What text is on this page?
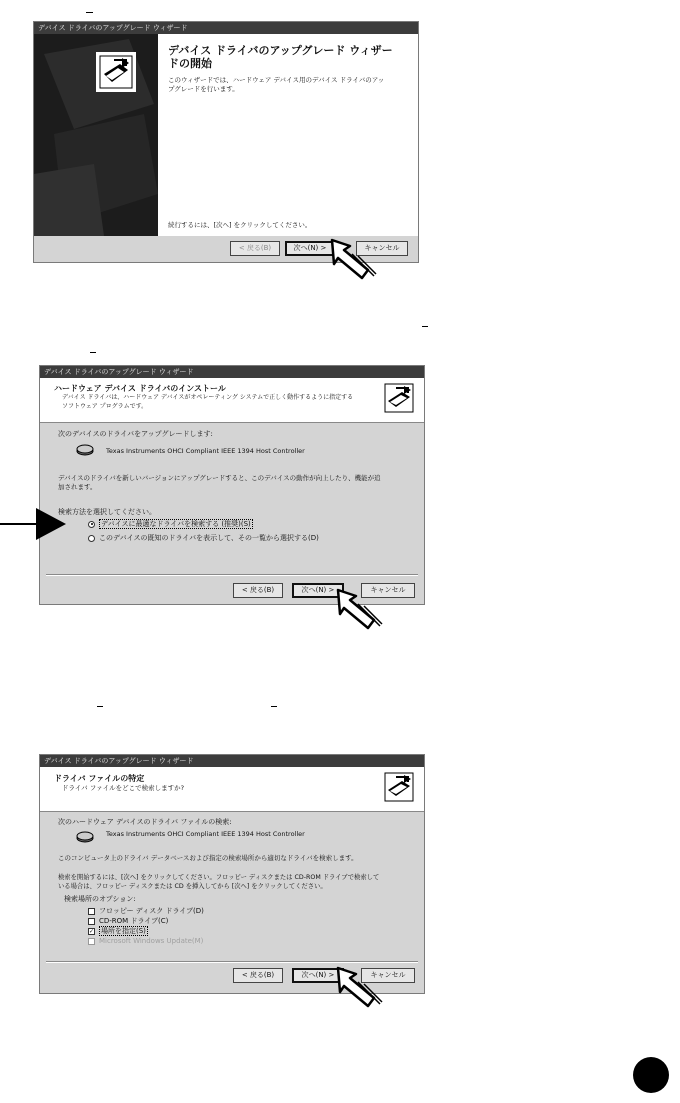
デバイス ドライバのアップグレード ウィザード
デバイス ドライバのアップグレード ウィザードの開始
このウィザードでは、ハードウェア デバイス用のデバイス ドライバのアッ
プグレードを行います。
続行するには、[次へ] をクリックしてください。
< 戻る(B)	次へ(N) >	キャンセル
デバイス ドライバのアップグレード ウィザード
ハードウェア デバイス ドライバのインストール
デバイス ドライバは、ハードウェア デバイスがオペレーティング システムで正しく動作するように指定する
ソフトウェア プログラムです。
次のデバイスのドライバをアップグレードします:
Texas Instruments OHCI Compliant IEEE 1394 Host Controller
デバイスのドライバを新しいバージョンにアップグレードすると、このデバイスの動作が向上したり、機能が追
加されます。
検索方法を選択してください。
デバイスに最適なドライバを検索する (推奨)(S)
このデバイスの既知のドライバを表示して、その一覧から選択する(D)
< 戻る(B)	次へ(N) >	キャンセル
デバイス ドライバのアップグレード ウィザード
ドライバ ファイルの特定
ドライバ ファイルをどこで検索しますか?
次のハードウェア デバイスのドライバ ファイルの検索:
Texas Instruments OHCI Compliant IEEE 1394 Host Controller
このコンピュータ上のドライバ データベースおよび指定の検索場所から適切なドライバを検索します。
検索を開始するには、[次へ] をクリックしてください。フロッピー ディスクまたは CD-ROM ドライブで検索して
いる場合は、フロッピー ディスクまたは CD を挿入してから [次へ] をクリックしてください。
検索場所のオプション:
フロッピー ディスク ドライブ(D)
CD-ROM ドライブ(C)
✓ 場所を指定(S)
Microsoft Windows Update(M)
< 戻る(B)	次へ(N) >	キャンセル
